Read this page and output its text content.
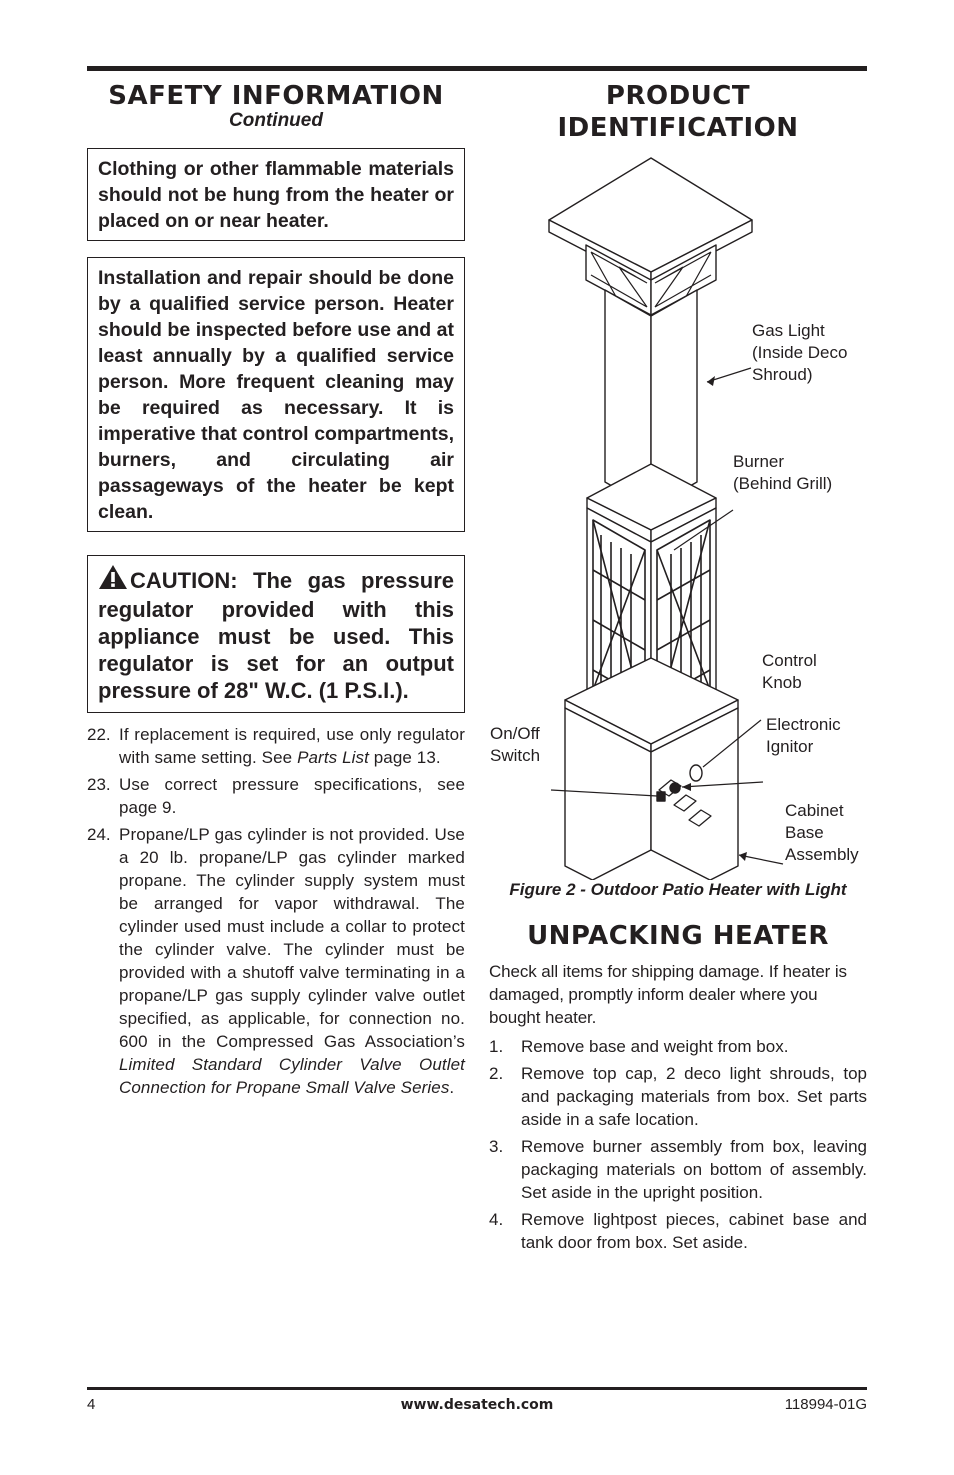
SAFETY INFORMATION
Continued
Clothing or other flammable materials should not be hung from the heater or placed on or near heater.
Installation and repair should be done by a qualified service person. Heater should be inspected before use and at least annually by a qualified service person. More frequent cleaning may be required as necessary. It is imperative that control compartments, burners, and circulating air passageways of the heater be kept clean.
CAUTION: The gas pressure regulator provided with this appliance must be used. This regulator is set for an output pressure of 28" W.C. (1 P.S.I.).
22. If replacement is required, use only regulator with same setting. See Parts List page 13.
23. Use correct pressure specifications, see page 9.
24. Propane/LP gas cylinder is not provided. Use a 20 lb. propane/LP gas cylinder marked propane. The cylinder supply system must be arranged for vapor withdrawal. The cylinder used must include a collar to protect the cylinder valve. The cylinder must be provided with a shutoff valve terminating in a propane/LP gas supply cylinder valve outlet specified, as applicable, for connection no. 600 in the Compressed Gas Association’s Limited Standard Cylinder Valve Outlet Connection for Propane Small Valve Series.
PRODUCT
IDENTIFICATION
Gas Light
(Inside Deco
Shroud)
Burner
(Behind Grill)
Control
Knob
On/Off
Switch
Electronic
Ignitor
Cabinet
Base
Assembly
Figure 2 - Outdoor Patio Heater with Light
UNPACKING HEATER
Check all items for shipping damage. If heater is damaged, promptly inform dealer where you bought heater.
1.	Remove base and weight from box.
2.	Remove top cap, 2 deco light shrouds, top and packaging materials from box. Set parts aside in a safe location.
3.	Remove burner assembly from box, leaving packaging materials on bottom of assembly. Set aside in the upright position.
4.	Remove lightpost pieces, cabinet base and tank door from box. Set aside.
4	www.desatech.com	118994-01G
